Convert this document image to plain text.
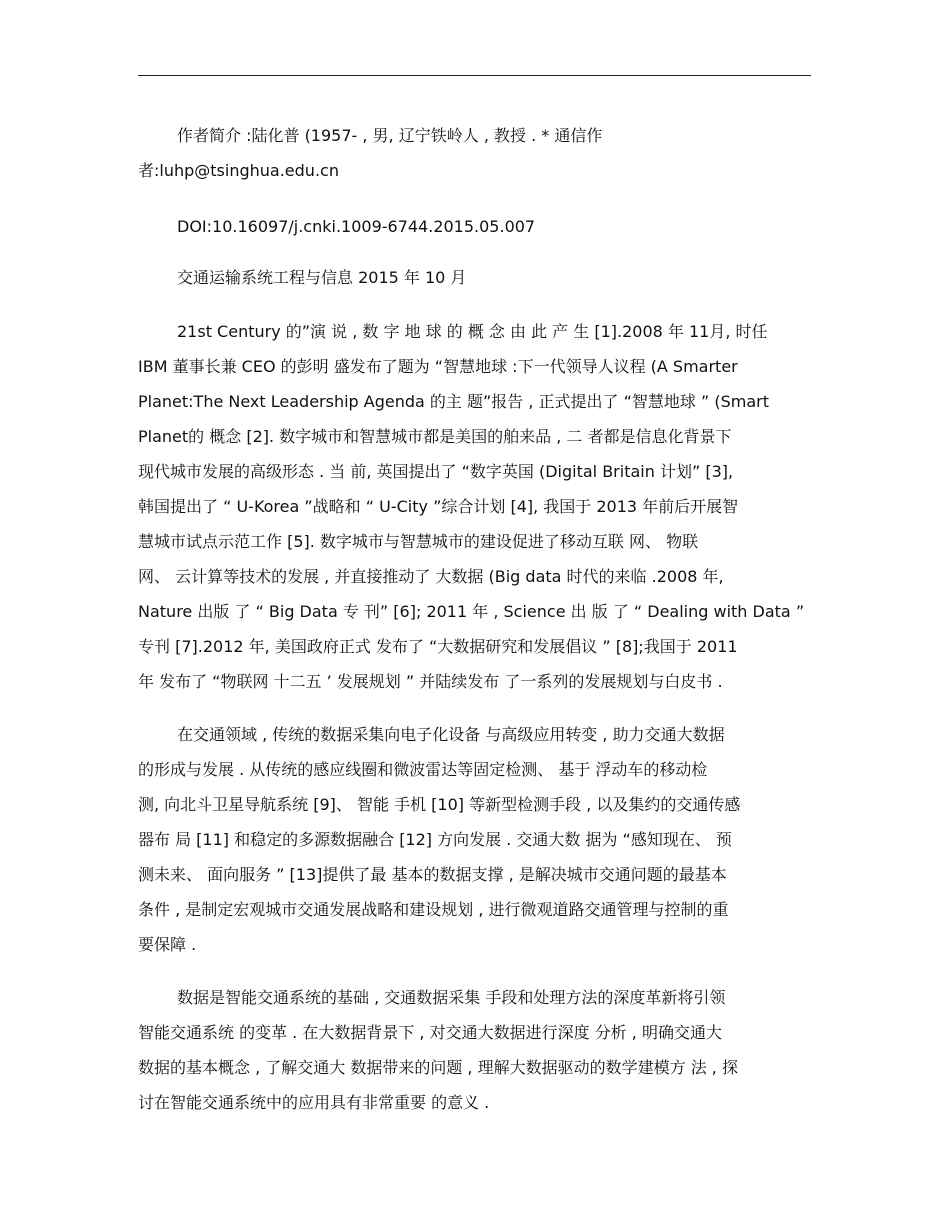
作者简介 :陆化普 (1957- , 男, 辽宁铁岭人 , 教授 . * 通信作
者:luhp@tsinghua.edu.cn
DOI:10.16097/j.cnki.1009-6744.2015.05.007
交通运输系统工程与信息 2015 年 10 月
21st Century 的”演 说 , 数 字 地 球 的 概 念 由 此 产 生 [1].2008 年 11月, 时任
IBM 董事长兼 CEO 的彭明 盛发布了题为 “智慧地球 :下一代领导人议程 (A Smarter
Planet:The Next Leadership Agenda 的主 题”报告 , 正式提出了 “智慧地球 ” (Smart
Planet的 概念 [2]. 数字城市和智慧城市都是美国的舶来品 , 二 者都是信息化背景下
现代城市发展的高级形态 . 当 前, 英国提出了 “数字英国 (Digital Britain 计划” [3],
韩国提出了 “ U-Korea ”战略和 “ U-City ”综合计划 [4], 我国于 2013 年前后开展智
慧城市试点示范工作 [5]. 数字城市与智慧城市的建设促进了移动互联 网、 物联
网、 云计算等技术的发展 , 并直接推动了 大数据 (Big data 时代的来临 .2008 年,
Nature 出版 了 “ Big Data 专 刊” [6]; 2011 年 , Science 出 版 了 “ Dealing with Data ”
专刊 [7].2012 年, 美国政府正式 发布了 “大数据研究和发展倡议 ” [8];我国于 2011
年 发布了 “物联网 十二五 ’ 发展规划 ” 并陆续发布 了一系列的发展规划与白皮书 .
在交通领域 , 传统的数据采集向电子化设备 与高级应用转变 , 助力交通大数据
的形成与发展 . 从传统的感应线圈和微波雷达等固定检测、 基于 浮动车的移动检
测, 向北斗卫星导航系统 [9]、 智能 手机 [10] 等新型检测手段 , 以及集约的交通传感
器布 局 [11] 和稳定的多源数据融合 [12] 方向发展 . 交通大数 据为 “感知现在、 预
测未来、 面向服务 ” [13]提供了最 基本的数据支撑 , 是解决城市交通问题的最基本
条件 , 是制定宏观城市交通发展战略和建设规划 , 进行微观道路交通管理与控制的重
要保障 .
数据是智能交通系统的基础 , 交通数据采集 手段和处理方法的深度革新将引领
智能交通系统 的变革 . 在大数据背景下 , 对交通大数据进行深度 分析 , 明确交通大
数据的基本概念 , 了解交通大 数据带来的问题 , 理解大数据驱动的数学建模方 法 , 探
讨在智能交通系统中的应用具有非常重要 的意义 .
